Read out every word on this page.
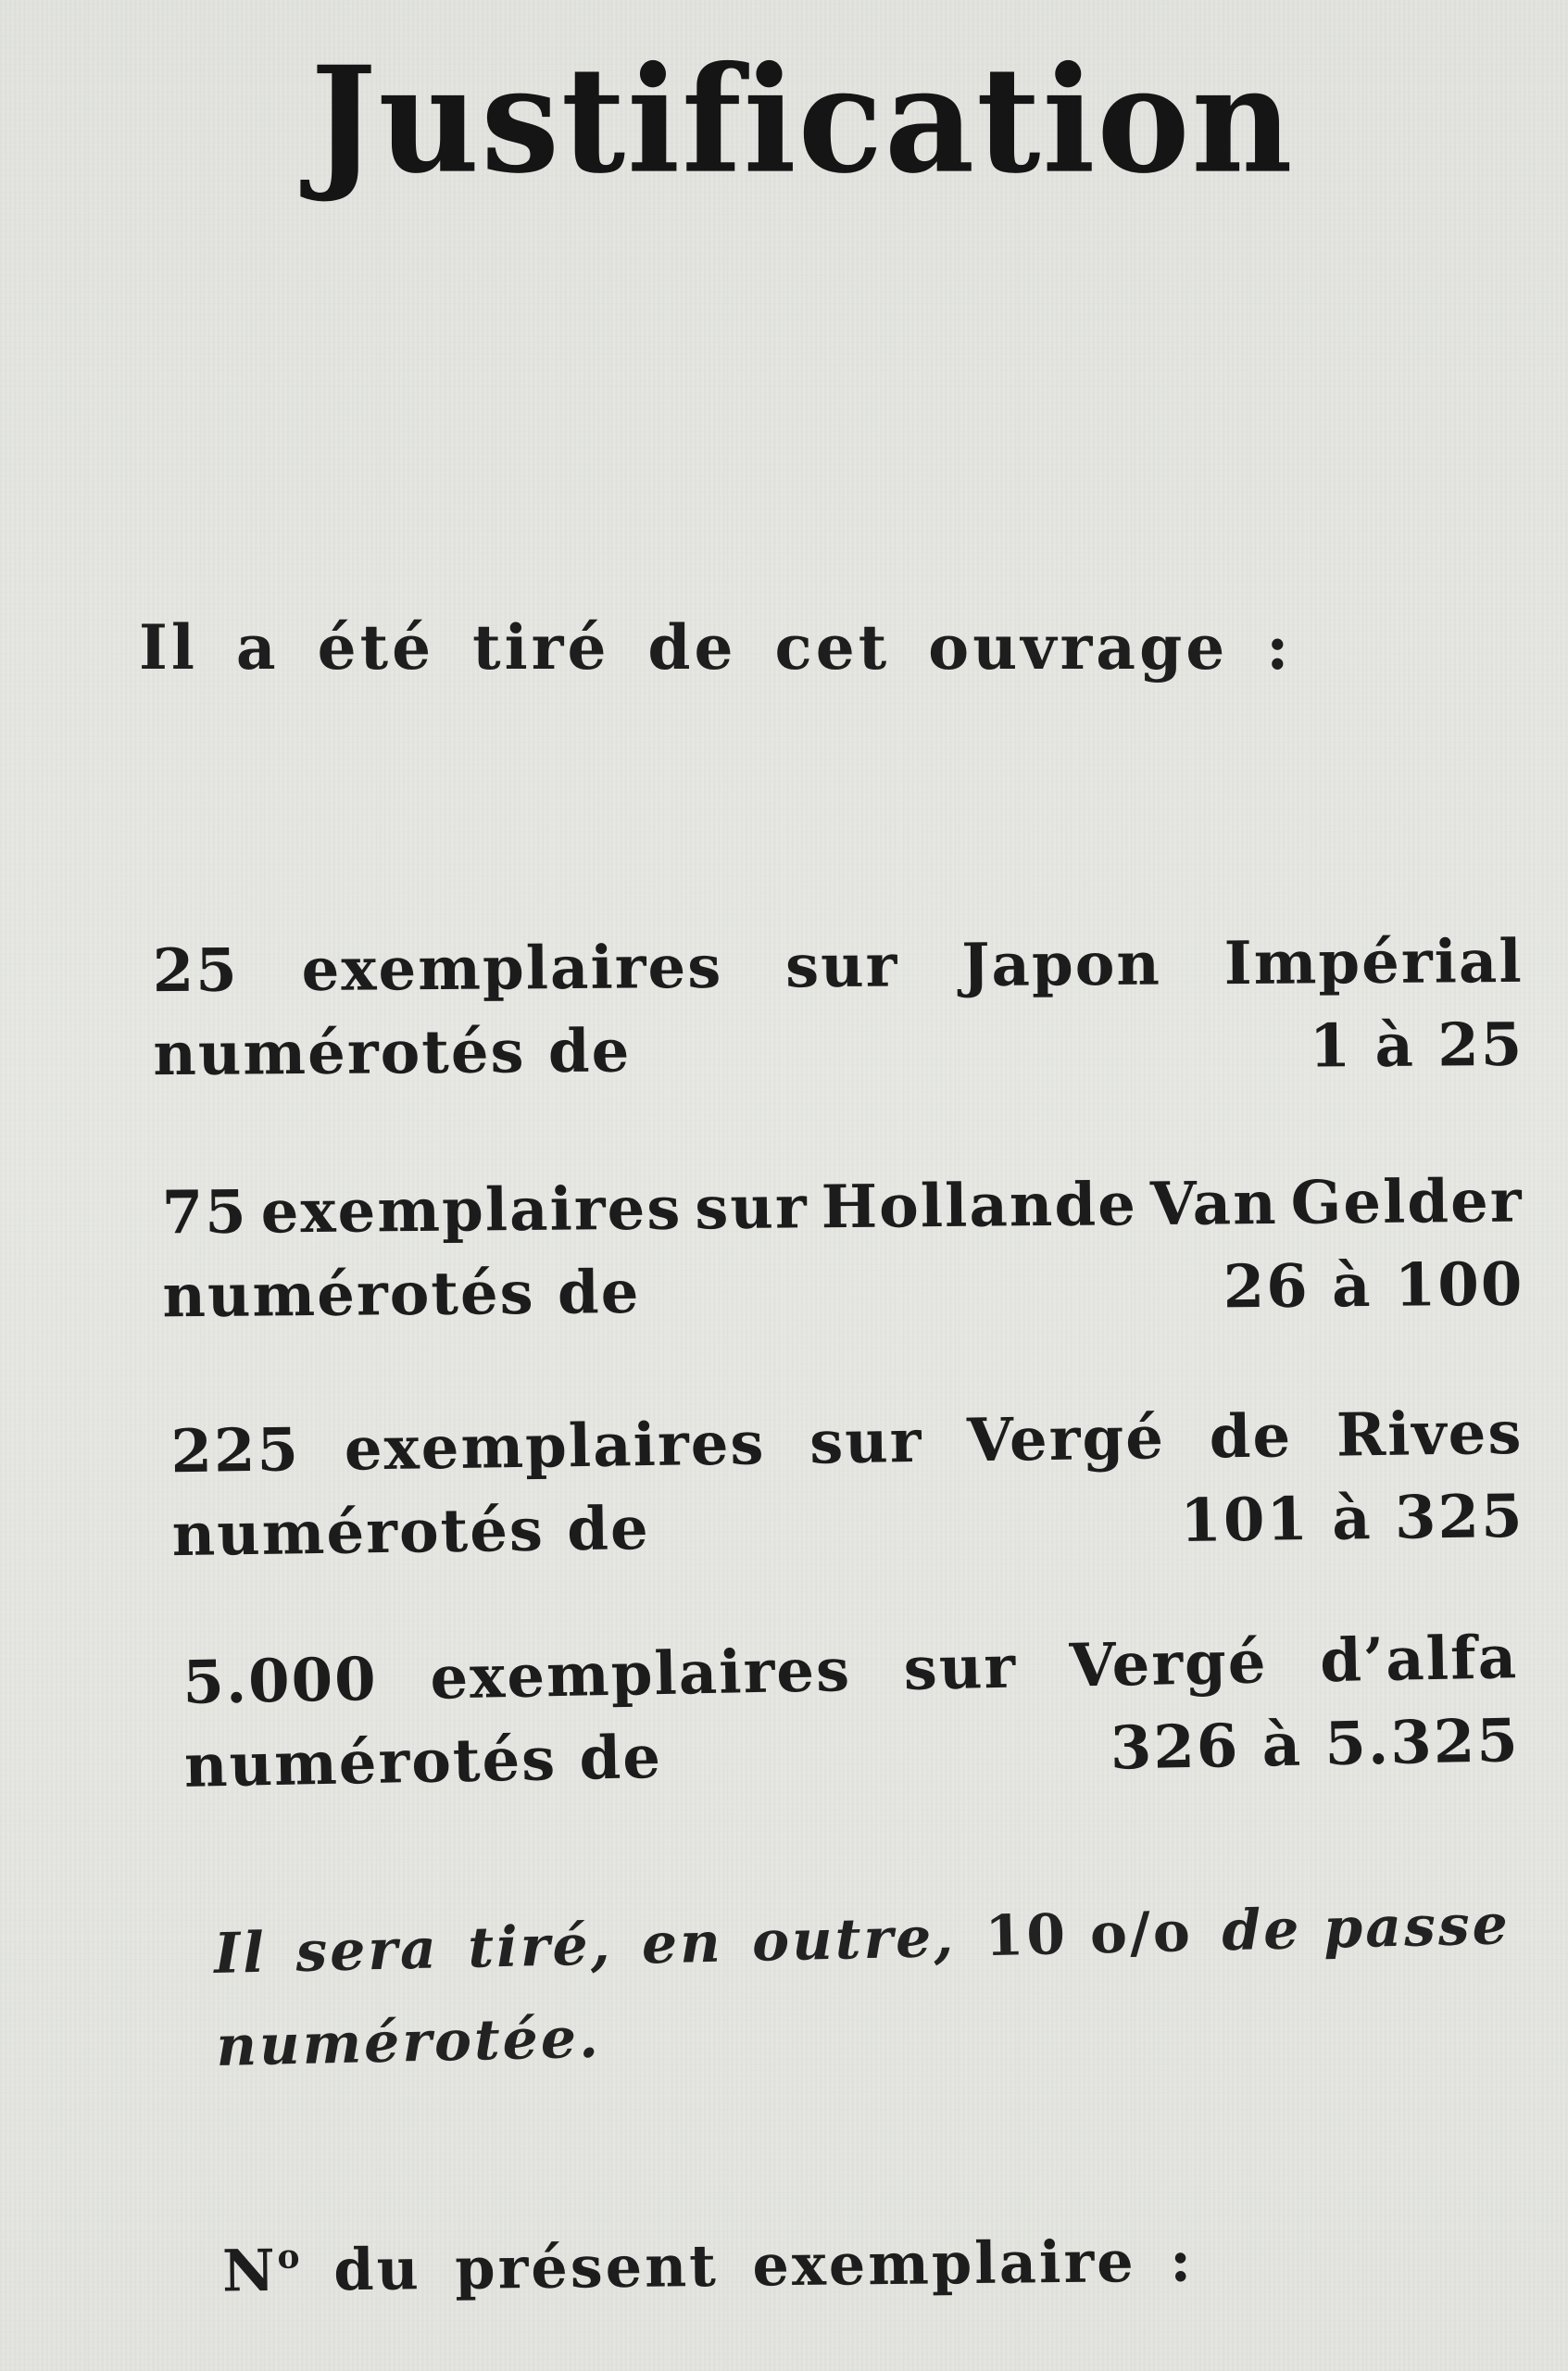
Justification
Il a été tiré de cet ouvrage :
25 exemplaires sur Japon Impérial
numérotés de	1 à 25
75 exemplaires sur Hollande Van Gelder
numérotés de	26 à 100
225 exemplaires sur Vergé de Rives
numérotés de	101 à 325
5.000 exemplaires sur Vergé d’alfa
numérotés de	326 à 5.325
Il sera tiré, en outre, 10 o/o de passe
numérotée.
$N^o$ du présent exemplaire :
